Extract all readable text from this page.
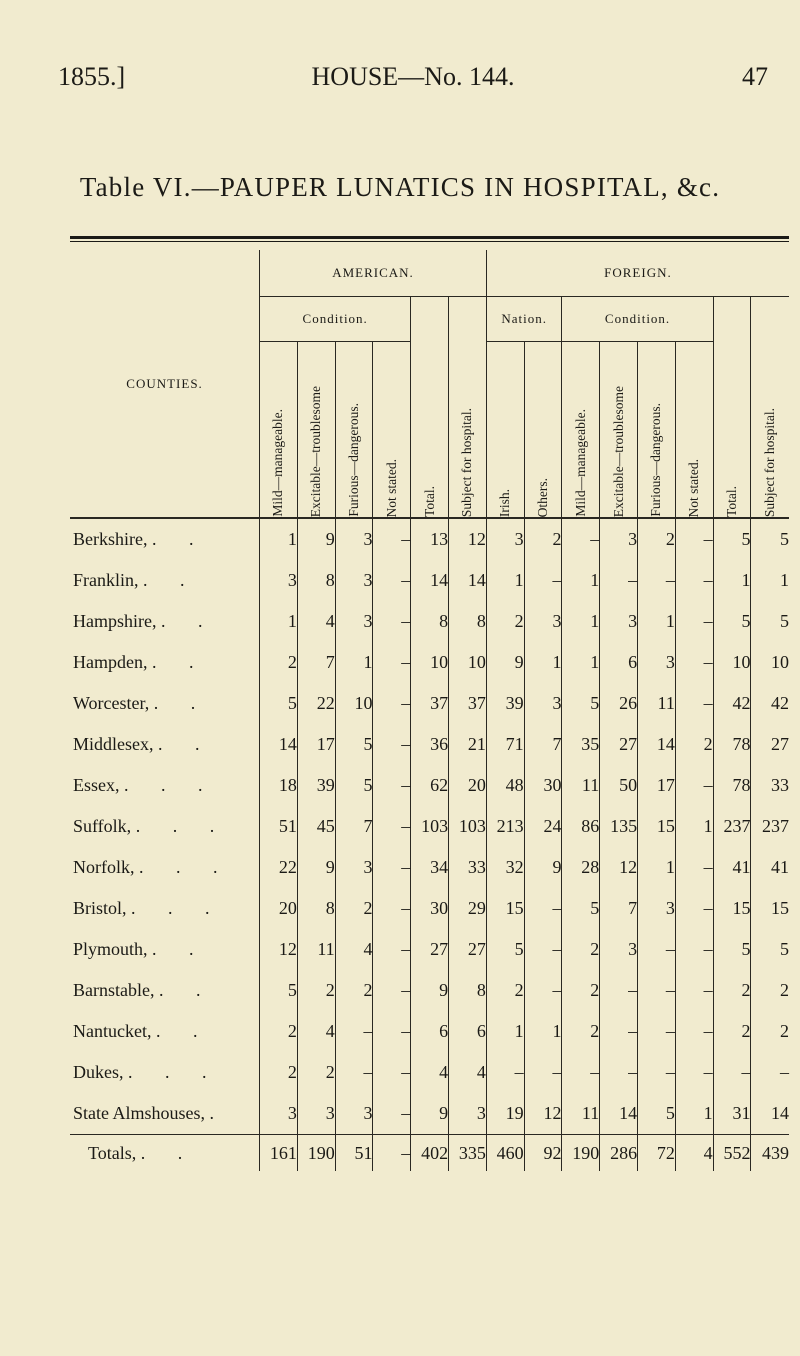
1855.]	HOUSE—No. 144.	47
Table VI.—PAUPER LUNATICS IN HOSPITAL, &c.
COUNTIES.	AMERICAN.						FOREIGN.							
	Condition.				Total.	Subject for hospital.	Nation.		Condition.				Total.	Subject for hospital.

	Mild—manageable.	Excitable—troublesome	Furious—dangerous.	Not stated.			Irish.	Others.	Mild—manageable.	Excitable—troublesome	Furious—dangerous.	Not stated.		

Berkshire, . .	1	9	3	–	13	12	3	2	–	3	2	–	5	5
Franklin, . .	3	8	3	–	14	14	1	–	1	–	–	–	1	1
Hampshire, . .	1	4	3	–	8	8	2	3	1	3	1	–	5	5
Hampden, . .	2	7	1	–	10	10	9	1	1	6	3	–	10	10
Worcester, . .	5	22	10	–	37	37	39	3	5	26	11	–	42	42
Middlesex, . .	14	17	5	–	36	21	71	7	35	27	14	2	78	27
Essex, . . .	18	39	5	–	62	20	48	30	11	50	17	–	78	33
Suffolk, . . .	51	45	7	–	103	103	213	24	86	135	15	1	237	237
Norfolk, . . .	22	9	3	–	34	33	32	9	28	12	1	–	41	41
Bristol, . . .	20	8	2	–	30	29	15	–	5	7	3	–	15	15
Plymouth, . .	12	11	4	–	27	27	5	–	2	3	–	–	5	5
Barnstable, . .	5	2	2	–	9	8	2	–	2	–	–	–	2	2
Nantucket, . .	2	4	–	–	6	6	1	1	2	–	–	–	2	2
Dukes, . . .	2	2	–	–	4	4	–	–	–	–	–	–	–	–
State Almshouses, .	3	3	3	–	9	3	19	12	11	14	5	1	31	14
Totals, . .	161	190	51	–	402	335	460	92	190	286	72	4	552	439
